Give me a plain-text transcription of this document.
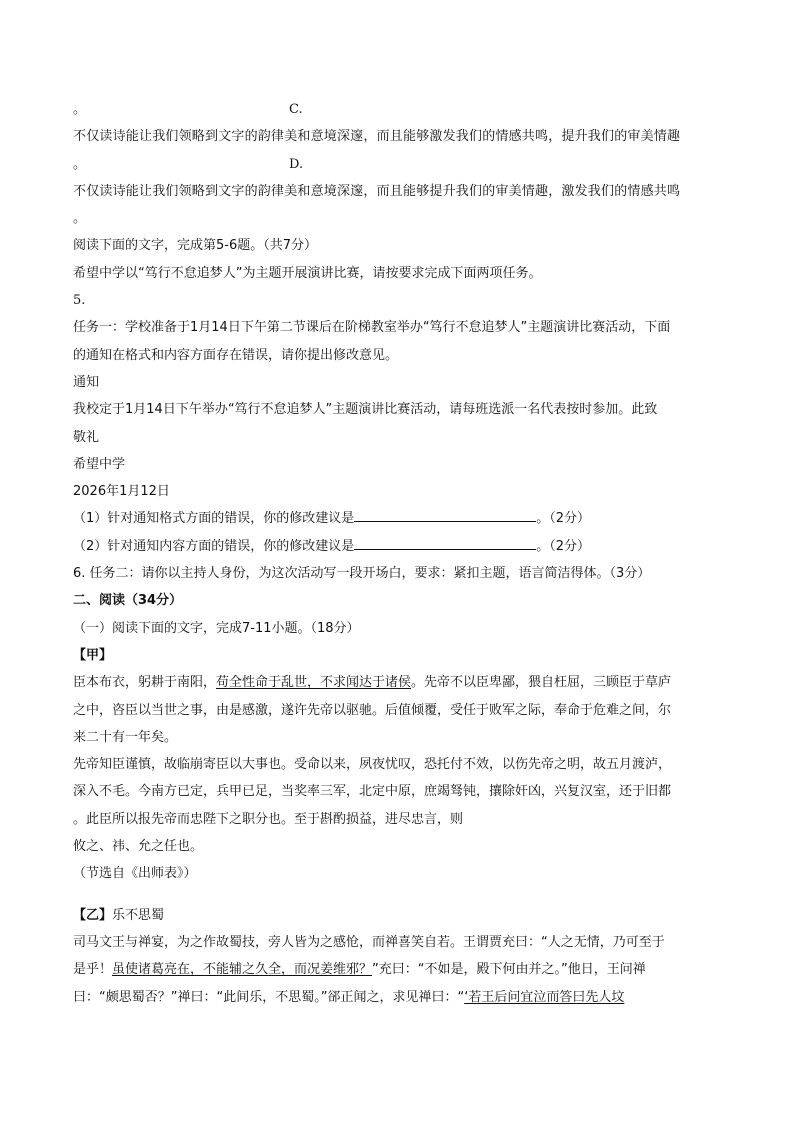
。	C.

不仅读诗能让我们领略到文字的韵律美和意境深邃，而且能够激发我们的情感共鸣，提升我们的审美情趣

。	D.

不仅读诗能让我们领略到文字的韵律美和意境深邃，而且能够提升我们的审美情趣，激发我们的情感共鸣

。

阅读下面的文字，完成第5-6题。（共7分）

希望中学以“笃行不怠追梦人”为主题开展演讲比赛，请按要求完成下面两项任务。

5.

任务一：学校准备于1月14日下午第二节课后在阶梯教室举办“笃行不怠追梦人”主题演讲比赛活动，下面

的通知在格式和内容方面存在错误，请你提出修改意见。

通知

我校定于1月14日下午举办“笃行不怠追梦人”主题演讲比赛活动，请每班选派一名代表按时参加。此致

敬礼

希望中学

2026年1月12日

（1）针对通知格式方面的错误，你的修改建议是	。（2分）

（2）针对通知内容方面的错误，你的修改建议是	。（2分）

6. 任务二：请你以主持人身份，为这次活动写一段开场白，要求：紧扣主题，语言简洁得体。（3分）

二、阅读（34分）

（一）阅读下面的文字，完成7-11小题。（18分）

【甲】

臣本布衣，躬耕于南阳，苟全性命于乱世，不求闻达于诸侯。先帝不以臣卑鄙，猥自枉屈，三顾臣于草庐

之中，咨臣以当世之事，由是感激，遂许先帝以驱驰。后值倾覆，受任于败军之际，奉命于危难之间，尔

来二十有一年矣。

先帝知臣谨慎，故临崩寄臣以大事也。受命以来，夙夜忧叹，恐托付不效，以伤先帝之明，故五月渡泸，

深入不毛。今南方已定，兵甲已足，当奖率三军，北定中原，庶竭驽钝，攘除奸凶，兴复汉室，还于旧都

。此臣所以报先帝而忠陛下之职分也。至于斟酌损益，进尽忠言，则

攸之、祎、允之任也。

（节选自《出师表》）

【乙】乐不思蜀

司马文王与禅宴，为之作故蜀技，旁人皆为之感怆，而禅喜笑自若。王谓贾充曰：“人之无情，乃可至于

是乎！虽使诸葛亮在，不能辅之久全，而况姜维邪？”充曰：“不如是，殿下何由并之。”他日，王问禅

曰：“颇思蜀否？”禅曰：“此间乐，不思蜀。”郤正闻之，求见禅曰：“‘若王后问宜泣而答曰先人坟
